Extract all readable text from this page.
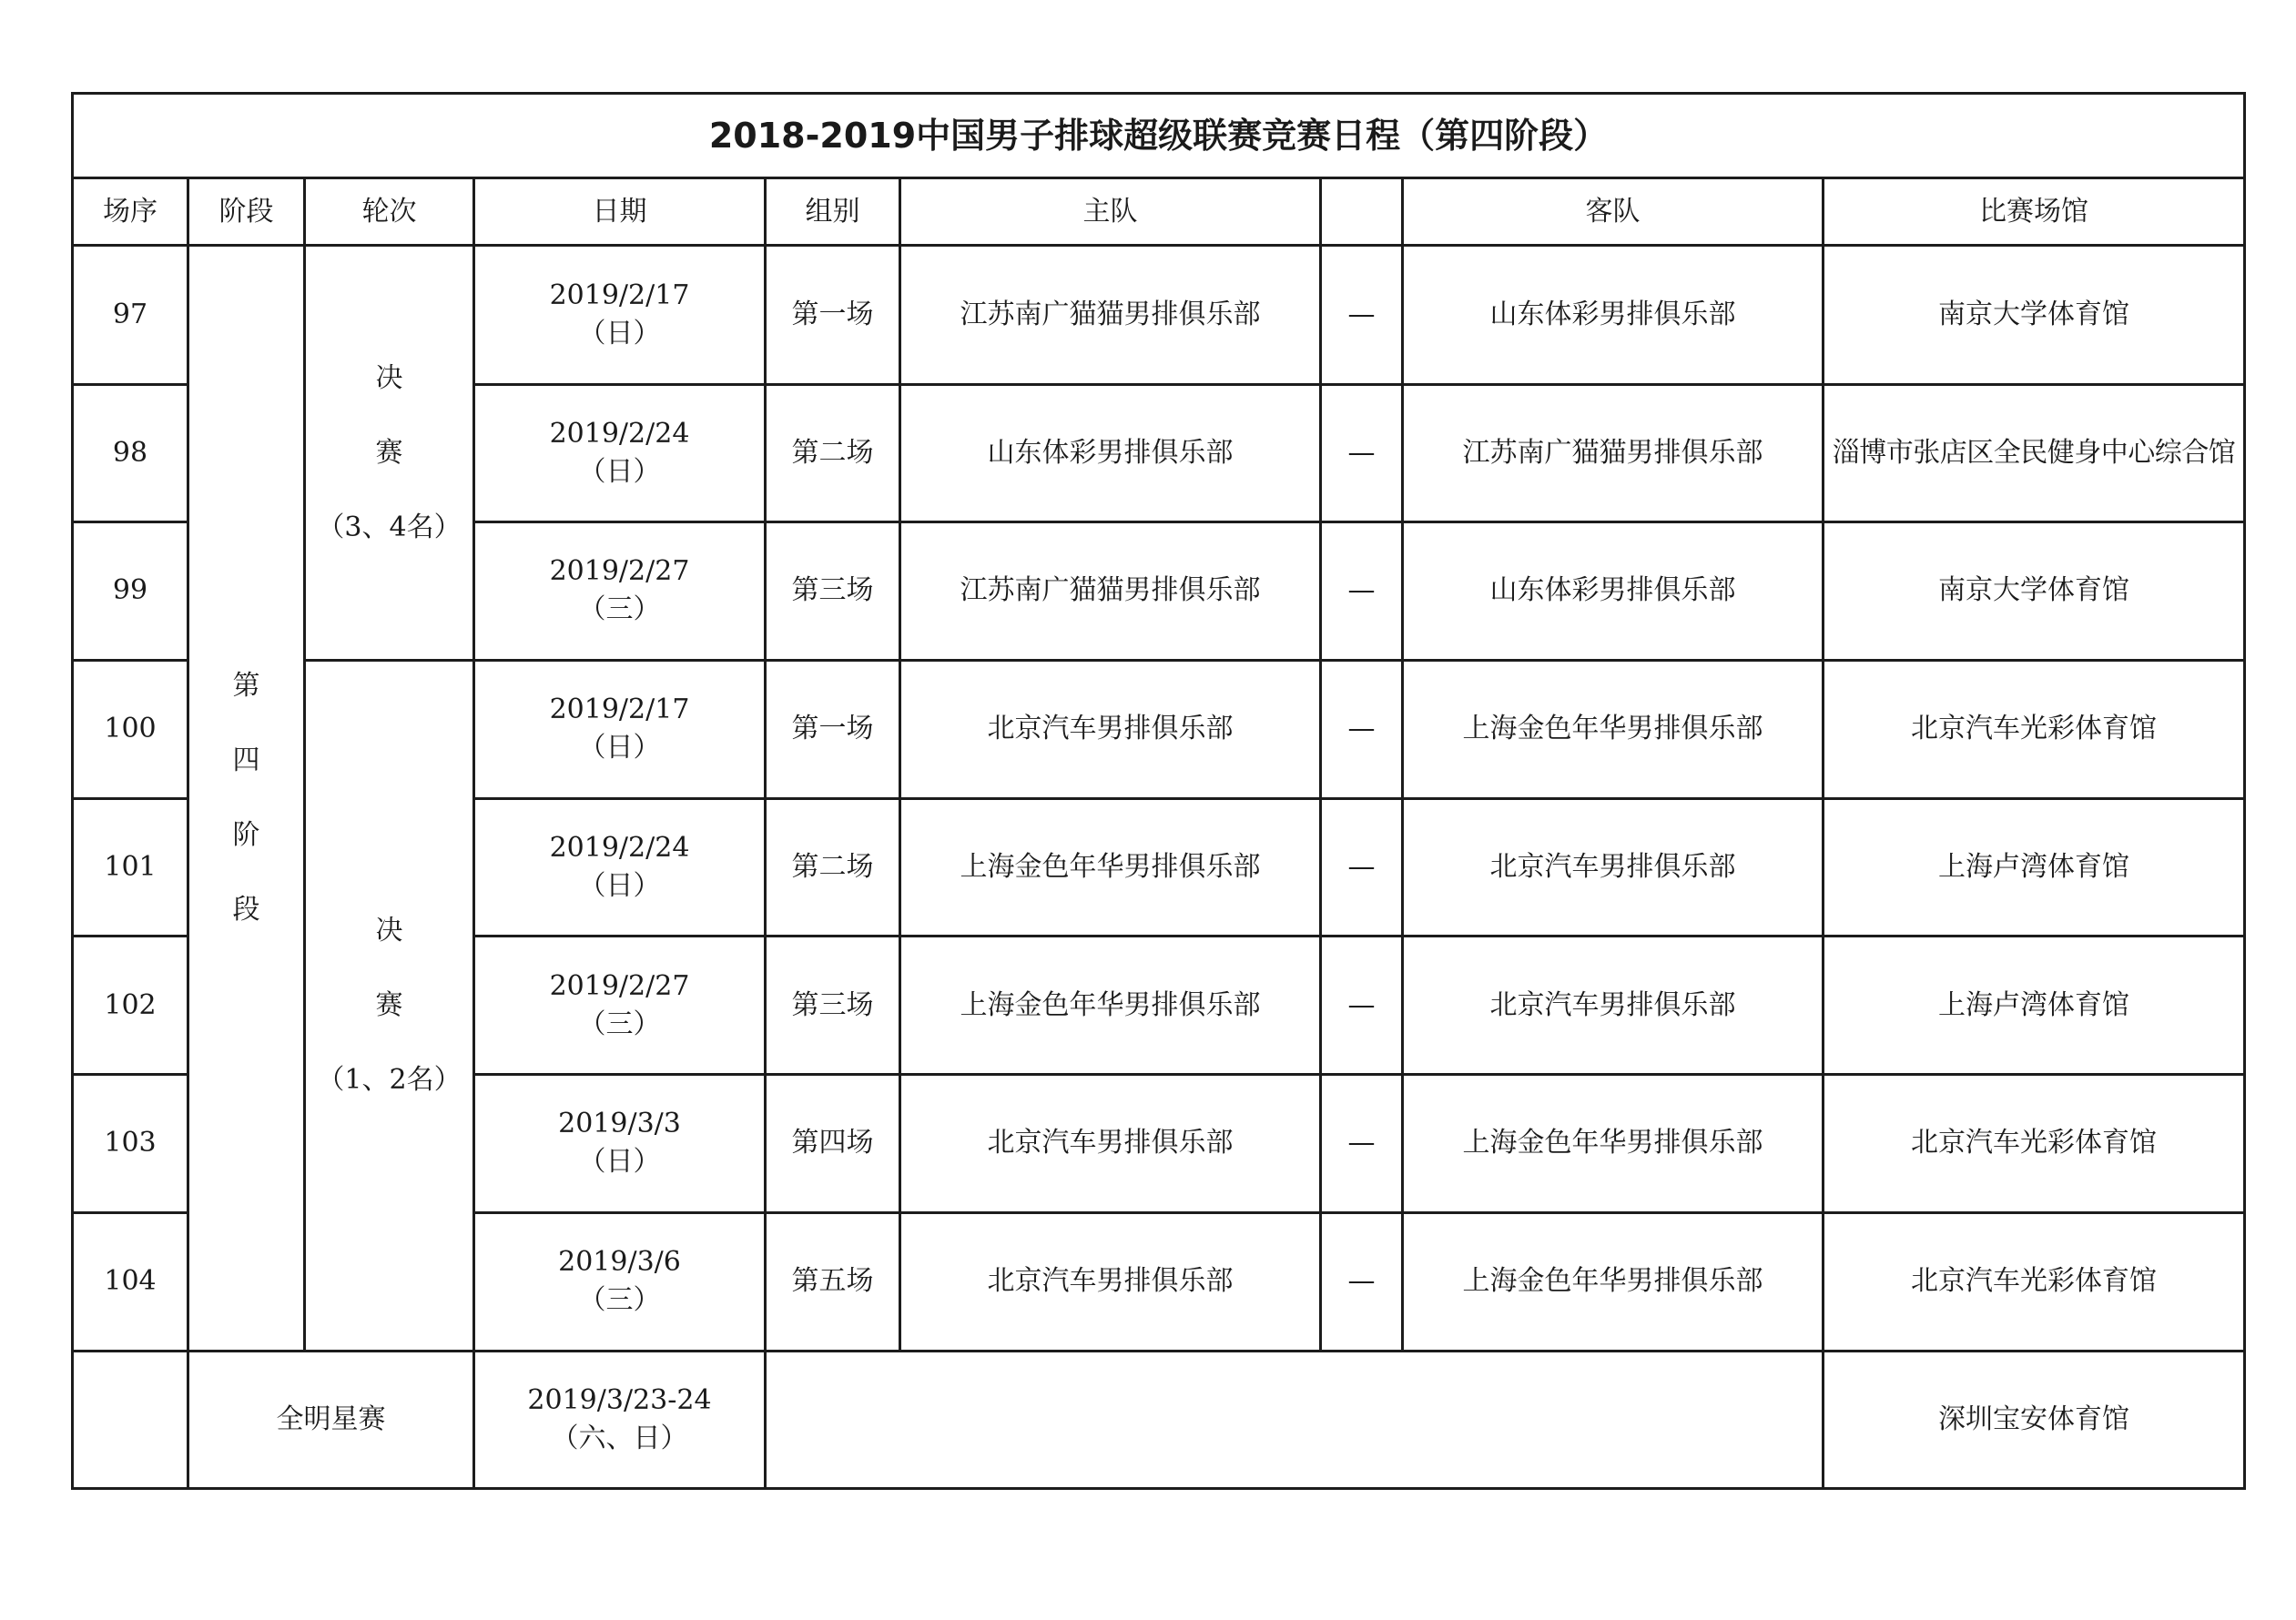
2018-2019中国男子排球超级联赛竞赛日程（第四阶段）								
场序	阶段	轮次	日期	组别	主队		客队	比赛场馆
97	第
四
阶
段	决
赛
（3、4名）	2019/2/17
（日）	第一场	江苏南广猫猫男排俱乐部	—	山东体彩男排俱乐部	南京大学体育馆
98			2019/2/24
（日）	第二场	山东体彩男排俱乐部	—	江苏南广猫猫男排俱乐部	淄博市张店区全民健身中心综合馆
99			2019/2/27
（三）	第三场	江苏南广猫猫男排俱乐部	—	山东体彩男排俱乐部	南京大学体育馆
100		决
赛
（1、2名）	2019/2/17
（日）	第一场	北京汽车男排俱乐部	—	上海金色年华男排俱乐部	北京汽车光彩体育馆
101			2019/2/24
（日）	第二场	上海金色年华男排俱乐部	—	北京汽车男排俱乐部	上海卢湾体育馆
102			2019/2/27
（三）	第三场	上海金色年华男排俱乐部	—	北京汽车男排俱乐部	上海卢湾体育馆
103			2019/3/3
（日）	第四场	北京汽车男排俱乐部	—	上海金色年华男排俱乐部	北京汽车光彩体育馆
104			2019/3/6
（三）	第五场	北京汽车男排俱乐部	—	上海金色年华男排俱乐部	北京汽车光彩体育馆
	全明星赛		2019/3/23-24
（六、日）					深圳宝安体育馆
